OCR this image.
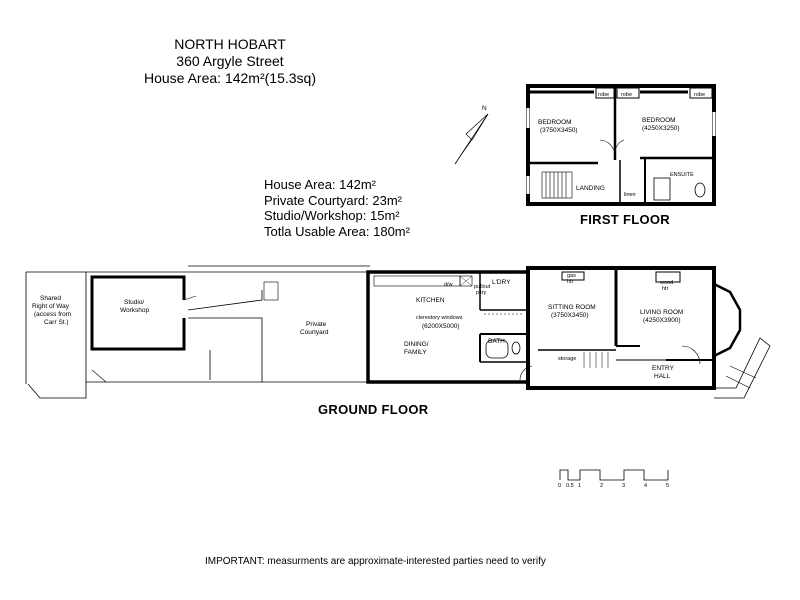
NORTH HOBART
360 Argyle Street
House Area: 142m²(15.3sq)
House Area: 142m²
Private Courtyard: 23m²
Studio/Workshop: 15m²
Totla Usable Area: 180m²
FIRST FLOOR
GROUND FLOOR
IMPORTANT: measurments are approximate-interested parties need to verify
N
BEDROOM
(3750X3450)
BEDROOM
(4250X3250)
robe robe	robe
LANDING
linen
ENSUITE
Shared
Right of Way
(access from
Carr St.)
Studio/
Workshop
Private
Courtyard
KITCHEN
d/w	pullout
p'try
L'DRY
clerestory windows
(6200X5000)
DINING/
FAMILY
BATH
SITTING ROOM
(3750X3450)
gas
htr	wood
htr
LIVING ROOM
(4250X3900)
storage
ENTRY
HALL
0 0.5 1	2	3	4	5
